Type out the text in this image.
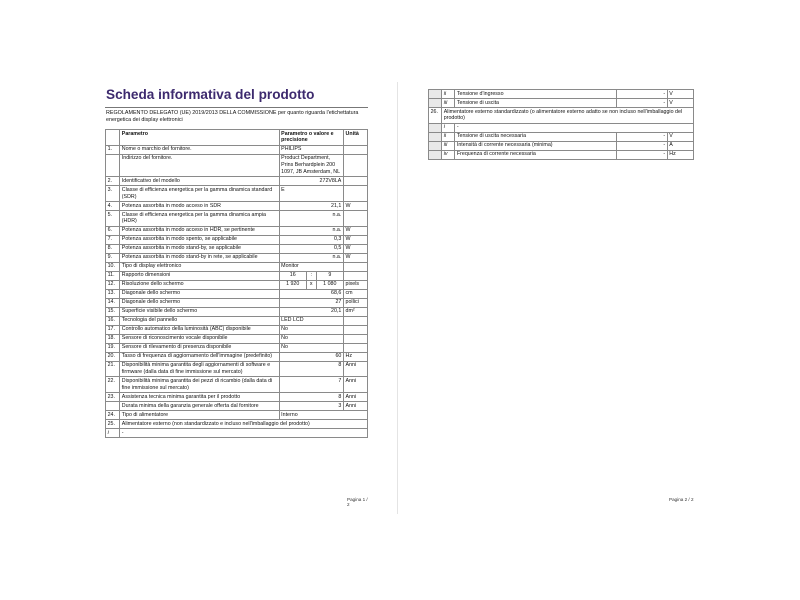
Scheda informativa del prodotto
REGOLAMENTO DELEGATO (UE) 2019/2013 DELLA COMMISSIONE per quanto riguarda l'etichettatura energetica dei display elettronici
	Parametro	Parametro o valore e precisione			Unità
1.	Nome o marchio del fornitore.	PHILIPS			
	Indirizzo del fornitore.	Product Department, Prins Berhardplein 200 1097, JB Amsterdam, NL			
2.	Identificativo del modello	272V8LA			
3.	Classe di efficienza energetica per la gamma dinamica standard (SDR)	E			
4.	Potenza assorbita in modo acceso in SDR	21,1			W
5.	Classe di efficienza energetica per la gamma dinamica ampia (HDR)	n.a.			
6.	Potenza assorbita in modo acceso in HDR, se pertinente	n.a.			W
7.	Potenza assorbita in modo spento, se applicabile	0,3			W
8.	Potenza assorbita in modo stand-by, se applicabile	0,5			W
9.	Potenza assorbita in modo stand-by in rete, se applicabile	n.a.			W
10.	Tipo di display elettronico	Monitor			
11.	Rapporto dimensioni	16	:	9	
12.	Risoluzione dello schermo	1 920	x	1 080	pixels
13.	Diagonale dello schermo	68,6			cm
14.	Diagonale dello schermo	27			pollici
15.	Superficie visibile dello schermo	20,1			dm²
16.	Tecnologia del pannello	LED LCD			
17.	Controllo automatico della luminosità (ABC) disponibile	No			
18.	Sensore di riconoscimento vocale disponibile	No			
19.	Sensore di rilevamento di presenza disponibile	No			
20.	Tasso di frequenza di aggiornamento dell'immagine (predefinito)	60			Hz
21.	Disponibilità minima garantita degli aggiornamenti di software e firmware (dalla data di fine immissione sul mercato)	8			Anni
22.	Disponibilità minima garantita dei pezzi di ricambio (dalla data di fine immissione sul mercato)	7			Anni
23.	Assistenza tecnica minima garantita per il prodotto	8			Anni
	Durata minima della garanzia generale offerta dal fornitore	3			Anni
24.	Tipo di alimentatore	Interno			
25.	Alimentatore esterno (non standardizzato e incluso nell'imballaggio del prodotto)				
i	-				
Pagina 1 / 2
	ii	Tensione d'ingresso	-	V
	iii	Tensione di uscita	-	V
26.	Alimentatore esterno standardizzato (o alimentatore esterno adatto se non incluso nell'imballaggio del prodotto)			
	i	-		
	ii	Tensione di uscita necessaria	-	V
	iii	Intensità di corrente necessaria (minima)	-	A
	iv	Frequenza di corrente necessaria	-	Hz
Pagina 2 / 2
